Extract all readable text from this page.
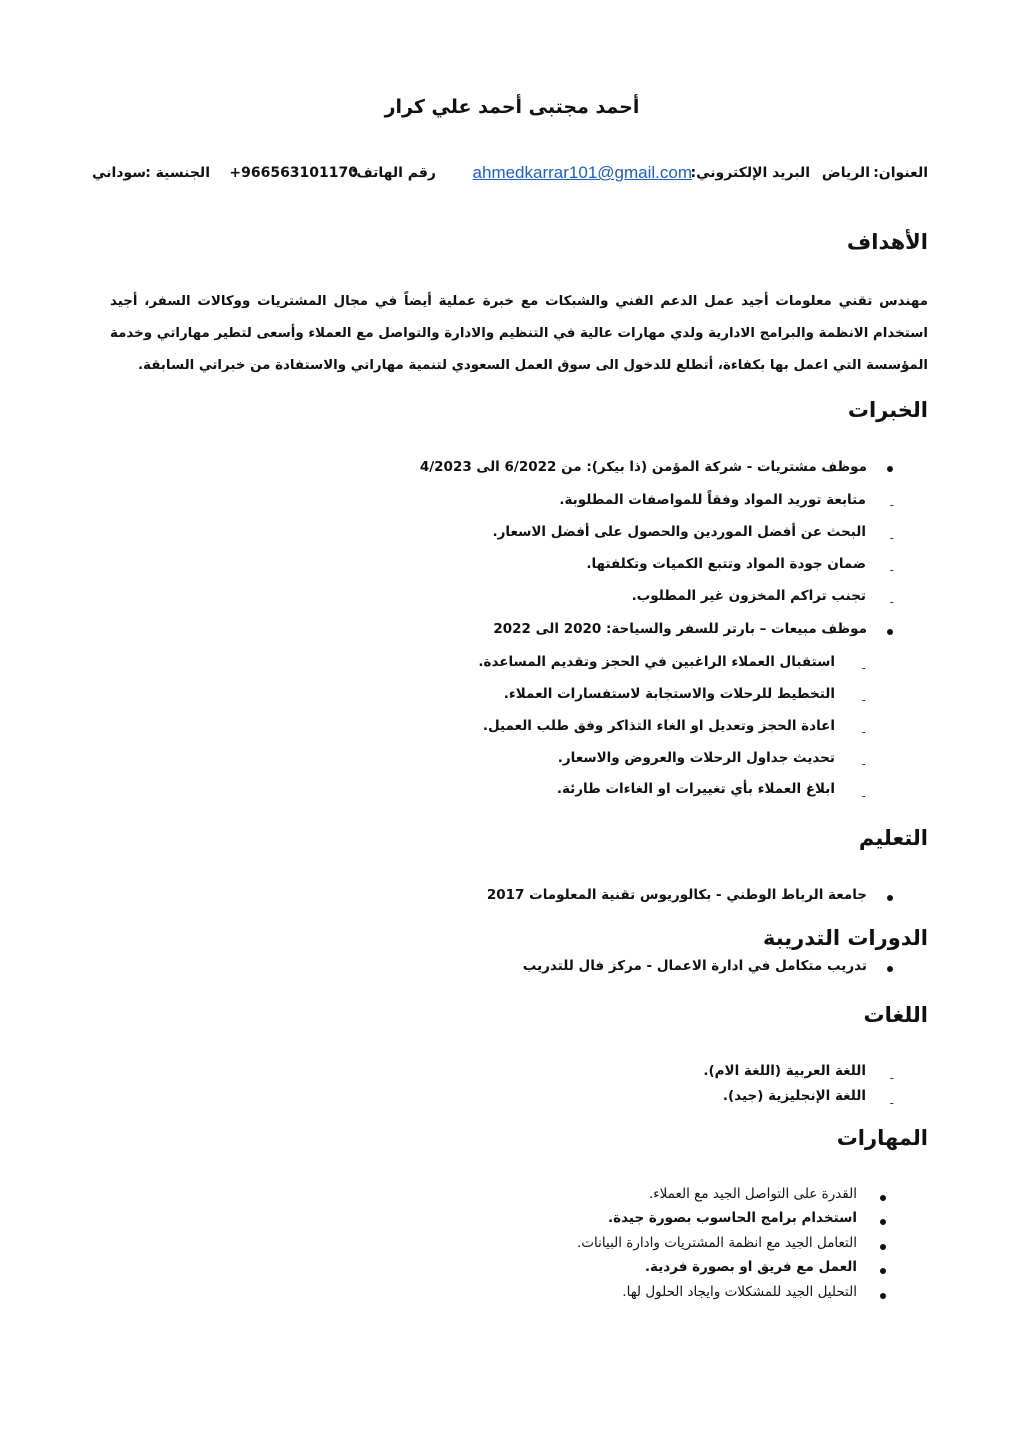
أحمد مجتبى أحمد علي كرار
العنوان:
الرياض
البريد الإلكتروني:
ahmedkarrar101@gmail.com
رقم الهاتف:
+966563101170
الجنسية :
سوداني
الأهداف
مهندس تقني معلومات أجيد عمل الدعم الفني والشبكات مع خبرة عملية أيضاً في مجال المشتريات ووكالات السفر، أجيد استخدام الانظمة والبرامج الادارية ولدي مهارات عالية في التنظيم والادارة والتواصل مع العملاء وأسعى لتطير مهاراتي وخدمة المؤسسة التي اعمل بها بكفاءة، أتطلع للدخول الى سوق العمل السعودي لتنمية مهاراتي والاستفادة من خبراتي السابقة.
الخبرات
موظف مشتريات - شركة المؤمن (ذا بيكر): من 6/2022 الى 4/2023
-
متابعة توريد المواد وفقاً للمواصفات المطلوبة.
-
البحث عن أفضل الموردين والحصول على أفضل الاسعار.
-
ضمان جودة المواد وتتبع الكميات وتكلفتها.
-
تجنب تراكم المخزون غير المطلوب.
موظف مبيعات – بارتر للسفر والسياحة: 2020 الى 2022
-
استقبال العملاء الراغبين في الحجز وتقديم المساعدة.
-
التخطيط للرحلات والاستجابة لاستفسارات العملاء.
-
اعادة الحجز وتعديل او الغاء التذاكر وفق طلب العميل.
-
تحديث جداول الرحلات والعروض والاسعار.
-
ابلاغ العملاء بأي تغييرات او الغاءات طارئة.
التعليم
جامعة الرباط الوطني - بكالوريوس تقنية المعلومات 2017
الدورات التدريبة
تدريب متكامل في ادارة الاعمال - مركز فال للتدريب
اللغات
-
اللغة العربية (اللغة الام).
-
اللغة الإنجليزية (جيد).
المهارات
القدرة على التواصل الجيد مع العملاء.
استخدام برامج الحاسوب بصورة جيدة.
التعامل الجيد مع انظمة المشتريات وادارة البيانات.
العمل مع فريق او بصورة فردية.
التحليل الجيد للمشكلات وايجاد الحلول لها.
